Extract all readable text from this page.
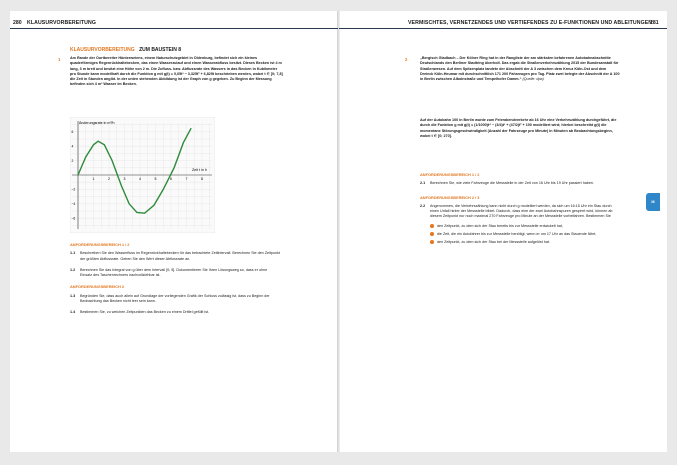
280 KLAUSURVORBEREITUNG	VERMISCHTES, VERNETZENDES UND VERTIEFENDES ZU E-FUNKTIONEN UND ABLEITUNGEN
281
KLAUSURVORBEREITUNG ZUM BAUSTEIN 8
1	Am Rande der Ourtbereiter Hünterweiens, einem Naturschutzgebiet in Oldenburg, befindet sich ein kleines quaderförmiges Regenrückhaltebecken, das einen Wasserzulauf und einen Wasserabfluss besitzt. Dieses Becken ist 4 m lang, 3 m breit und besitzt eine Höhe von 2 m. Die Zufluss- bzw. Abflussrate des Wassers in das Becken in Kubikmeter pro Stunde kann modellhaft durch die Funktion g mit g(t) = 0,05t³ − 3,325t² + 6,825t beschrieben werden, wobei t ∈ [0; 7,8] die Zeit in Stunden angibt. In der unten stehenden Abbildung ist der Graph von g gegeben. Zu Beginn der Messung befinden sich 4 m³ Wasser im Becken.
1	2	3	4	5	6	7	8
6
4
2
−2
−4
−6
Änderungsrate in m³/h
Zeit t in h
ANFORDERUNGSBEREICH 1 / 2
1.1 Beschreiben Sie den Wasserfluss im Regenrückhaltebecken für das betrachtete Zeitintervall. Berechnen Sie den Zeitpunkt der größten Abflussrate. Geben Sie den Wert dieser Abflussrate an.
1.2 Berechnen Sie das Integral von g über dem Intervall [0; 5]. Dokumentieren Sie Ihren Lösungsweg so, dass er ohne Einsatz des Taschenrechners nachvollziehbar ist.
ANFORDERUNGSBEREICH 2
1.3 Begründen Sie, dass auch allein auf Grundlage der vorliegenden Grafik der Schluss zulässig ist, dass zu Beginn der Beobachtung das Becken nicht leer sein kann.
1.4 Bestimmen Sie, zu welchen Zeitpunkten das Becken zu einem Drittel gefüllt ist.
2	„Bergisch Gladbach – Der Kölner Ring hat in der Rangliste der am stärksten befahrenen Autobahnabschnitte Deutschlands den Berliner Stadtring überholt. Das ergab die Straßenverkehrszählung 2015 der Bundesanstalt für Straßenwesen. Auf dem Spitzenplatz landete der Abschnitt der A 3 zwischen dem Kreuz Köln-Ost und dem Dreieck Köln-Heumar mit durchschnittlich 171 200 Fahrzeugen pro Tag. Platz zwei belegte der Abschnitt der A 100 in Berlin zwischen Alboinstraße und Tempelhofer Damm.“ (Quelle: dpa)
Auf der Autobahn 100 in Berlin wurde zum Feierabendverkehr ab 16 Uhr eine Verkehrszählung durchgeführt, die durch die Funktion g mit g(t) = (1/1000)t⁴ − (3/4)t³ + (47/2)t² + 100 modelliert wird; hierbei beschreibt g(t) die momentane Störungsgeschwindigkeit (Anzahl der Fahrzeuge pro Minute) in Minuten ab Beobachtungsbeginn, wobei t ∈ [0; 270].
ANFORDERUNGSBEREICH 1 / 2
2.1 Berechnen Sie, wie viele Fahrzeuge die Messstelle in der Zeit von 16 Uhr bis 19 Uhr passiert haben.
ANFORDERUNGSBEREICH 2 / 3
2.2 Angenommen, die Verkehrszählung kann nicht durch g modelliert werden, da sich um 16:15 Uhr ein Stau durch einen Unfall hinter der Messstelle bildet. Dadurch, dass eine der zwei Autobahnspuren gesperrt wird, können ab diesem Zeitpunkt nur noch maximal 270 Fahrzeuge pro Minute an der Messstelle vorbeifahren. Bestimmen Sie
den Zeitpunkt, zu dem sich der Stau bereits bis zur Messstelle entwickelt hat,
die Zeit, die ein Autofahrer bis zur Messstelle benötigt, wenn er um 17 Uhr an das Stauende fährt,
den Zeitpunkt, zu dem sich der Stau bei der Messstelle aufgelöst hat.
III
